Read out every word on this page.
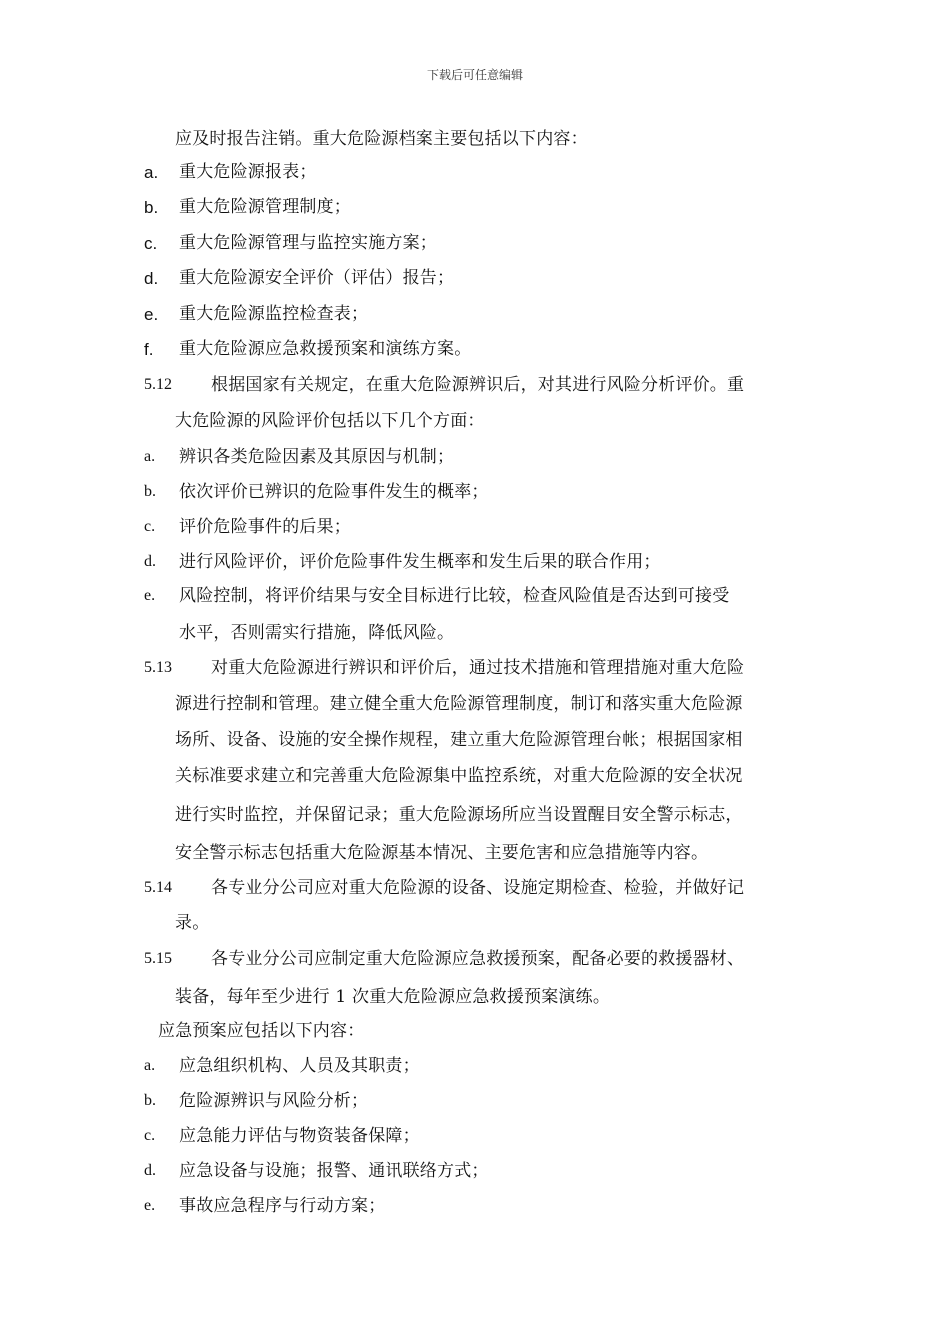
下载后可任意编辑
应及时报告注销。重大危险源档案主要包括以下内容：
a. 重大危险源报表；
b. 重大危险源管理制度；
c. 重大危险源管理与监控实施方案；
d. 重大危险源安全评价（评估）报告；
e. 重大危险源监控检查表；
f. 重大危险源应急救援预案和演练方案。
5.12 根据国家有关规定，在重大危险源辨识后，对其进行风险分析评价。重
大危险源的风险评价包括以下几个方面：
a. 辨识各类危险因素及其原因与机制；
b. 依次评价已辨识的危险事件发生的概率；
c. 评价危险事件的后果；
d. 进行风险评价，评价危险事件发生概率和发生后果的联合作用；
e. 风险控制，将评价结果与安全目标进行比较，检查风险值是否达到可接受
水平，否则需实行措施，降低风险。
5.13 对重大危险源进行辨识和评价后，通过技术措施和管理措施对重大危险
源进行控制和管理。建立健全重大危险源管理制度，制订和落实重大危险源
场所、设备、设施的安全操作规程，建立重大危险源管理台帐；根据国家相
关标准要求建立和完善重大危险源集中监控系统，对重大危险源的安全状况
进行实时监控，并保留记录；重大危险源场所应当设置醒目安全警示标志，
安全警示标志包括重大危险源基本情况、主要危害和应急措施等内容。
5.14 各专业分公司应对重大危险源的设备、设施定期检查、检验，并做好记
录。
5.15 各专业分公司应制定重大危险源应急救援预案，配备必要的救援器材、
装备，每年至少进行 1 次重大危险源应急救援预案演练。
应急预案应包括以下内容：
a. 应急组织机构、人员及其职责；
b. 危险源辨识与风险分析；
c. 应急能力评估与物资装备保障；
d. 应急设备与设施；报警、通讯联络方式；
e. 事故应急程序与行动方案；
